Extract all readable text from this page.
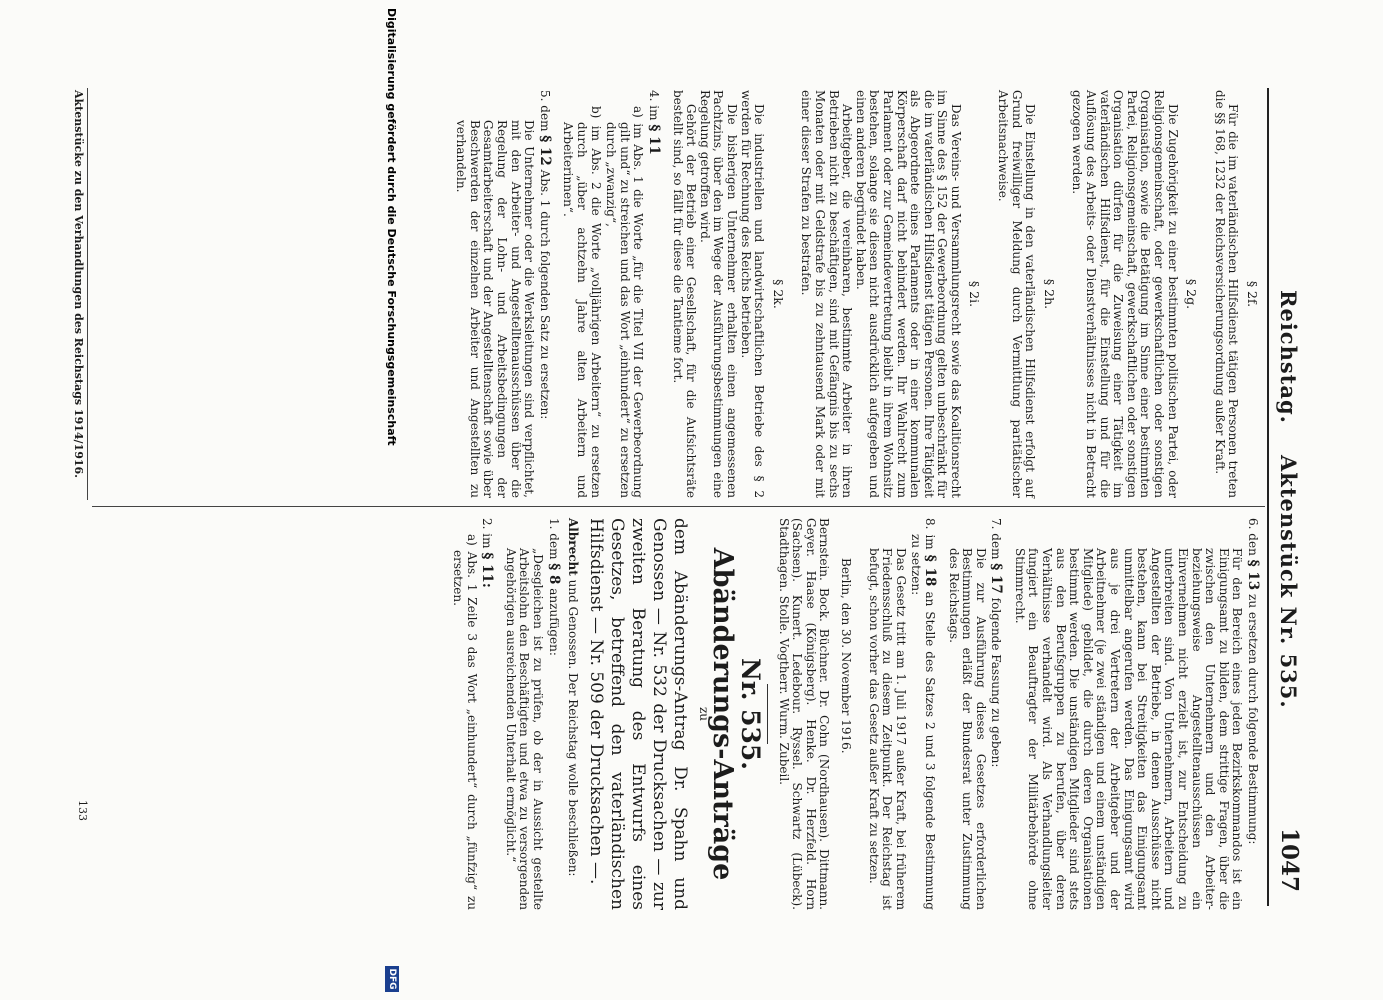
Reichstag.
Aktenstück Nr. 535.
1047
§ 2f.

Für die im vaterländischen Hilfsdienst tätigen Personen treten die §§ 168, 1232 der Reichsversicherungsordnung außer Kraft.

§ 2g.

Die Zugehörigkeit zu einer bestimmten politischen Partei, oder Religionsgemeinschaft, oder gewerkschaftlichen oder sonstigen Organisation, sowie die Betätigung im Sinne einer bestimmten Partei, Religionsgemeinschaft, gewerkschaftlichen oder sonstigen Organisation dürfen für die Zuweisung einer Tätigkeit im vaterländischen Hilfsdienst, für die Einstellung und für die Auflösung des Arbeits- oder Dienstverhältnisses nicht in Betracht gezogen werden.

§ 2h.

Die Einstellung in den vaterländischen Hilfsdienst erfolgt auf Grund freiwilliger Meldung durch Vermittlung paritätischer Arbeitsnachweise.

§ 2i.

Das Vereins- und Versammlungsrecht sowie das Koalitionsrecht im Sinne des § 152 der Gewerbeordnung gelten unbeschränkt für die im vaterländischen Hilfsdienst tätigen Personen. Ihre Tätigkeit als Abgeordnete eines Parlaments oder in einer kommunalen Körperschaft darf nicht behindert werden. Ihr Wahlrecht zum Parlament oder zur Gemeindevertretung bleibt in ihrem Wohnsitz bestehen, solange sie diesen nicht ausdrücklich aufgegeben und einen anderen begründet haben.

Arbeitgeber, die vereinbaren, bestimmte Arbeiter in ihren Betrieben nicht zu beschäftigen, sind mit Gefängnis bis zu sechs Monaten oder mit Geldstrafe bis zu zehntausend Mark oder mit einer dieser Strafen zu bestrafen.

§ 2k.

Die industriellen und landwirtschaftlichen Betriebe des § 2 werden für Rechnung des Reichs betrieben.

Die bisherigen Unternehmer erhalten einen angemessenen Pachtzins, über den im Wege der Ausführungsbestimmungen eine Regelung getroffen wird.

Gehört der Betrieb einer Gesellschaft, für die Aufsichtsräte bestellt sind, so fällt für diese die Tantieme fort.

4. im § 11
a) im Abs. 1 die Worte „für die Titel VII der Gewerbeordnung gilt und“ zu streichen und das Wort „einhundert“ zu ersetzen durch „zwanzig“,
b) im Abs. 2 die Worte „volljährigen Arbeitern“ zu ersetzen durch „über achtzehn Jahre alten Arbeitern und Arbeiterinnen“.
5. dem § 12 Abs. 1 durch folgenden Satz zu ersetzen:
Die Unternehmer oder die Werksleitungen sind verpflichtet, mit den Arbeiter- und Angestelltenausschüssen über die Regelung der Lohn- und Arbeitsbedingungen der Gesamtarbeiterschaft und der Angestelltenschaft sowie über Beschwerden der einzelnen Arbeiter und Angestellten zu verhandeln.
6. den § 13 zu ersetzen durch folgende Bestimmung:
Für den Bereich eines jeden Bezirkskommandos ist ein Einigungsamt zu bilden, dem strittige Fragen, über die zwischen den Unternehmern und den Arbeiter- beziehungsweise Angestelltenausschüssen ein Einvernehmen nicht erzielt ist, zur Entscheidung zu unterbreiten sind. Von Unternehmern, Arbeitern und Angestellten der Betriebe, in denen Ausschüsse nicht bestehen, kann bei Streitigkeiten das Einigungsamt unmittelbar angerufen werden. Das Einigungsamt wird aus je drei Vertretern der Arbeitgeber und der Arbeitnehmer (je zwei ständigen und einem unständigen Mitgliede) gebildet, die durch deren Organisationen bestimmt werden. Die unständigen Mitglieder sind stets aus den Berufsgruppen zu berufen, über deren Verhältnisse verhandelt wird. Als Verhandlungsleiter fungiert ein Beauftragter der Militärbehörde ohne Stimmrecht.
7. dem § 17 folgende Fassung zu geben:
Die zur Ausführung dieses Gesetzes erforderlichen Bestimmungen erläßt der Bundesrat unter Zustimmung des Reichstags.
8. im § 18 an Stelle des Satzes 2 und 3 folgende Bestimmung zu setzen:
Das Gesetz tritt am 1. Juli 1917 außer Kraft, bei früherem Friedensschluß zu diesem Zeitpunkt. Der Reichstag ist befugt, schon vorher das Gesetz außer Kraft zu setzen.

Berlin, den 30. November 1916.

Bernstein. Bock. Büchner. Dr. Cohn (Nordhausen). Dittmann. Geyer. Haase (Königsberg). Henke. Dr. Herzfeld. Horn (Sachsen). Kunert. Ledebour. Ryssel. Schwartz (Lübeck). Stadthagen. Stolle. Vogtherr. Wurm. Zubeil.

Nr. 535.
Abänderungs-Anträge
zu

dem Abänderungs-Antrag Dr. Spahn und Genossen — Nr. 532 der Drucksachen — zur zweiten Beratung des Entwurfs eines Gesetzes, betreffend den vaterländischen Hilfsdienst — Nr. 509 der Drucksachen —.

Albrecht und Genossen. Der Reichstag wolle beschließen:

1. dem § 8 anzufügen:
„Desgleichen ist zu prüfen, ob der in Aussicht gestellte Arbeitslohn den Beschäftigten und etwa zu versorgenden Angehörigen ausreichenden Unterhalt ermöglicht.“
2. im § 11:
a) Abs. 1 Zeile 3 das Wort „einhundert“ durch „fünfzig“ zu ersetzen.
Aktenstücke zu den Verhandlungen des Reichstags 1914/1916.
133
Digitalisierung gefördert durch die Deutsche Forschungsgemeinschaft
DFG
